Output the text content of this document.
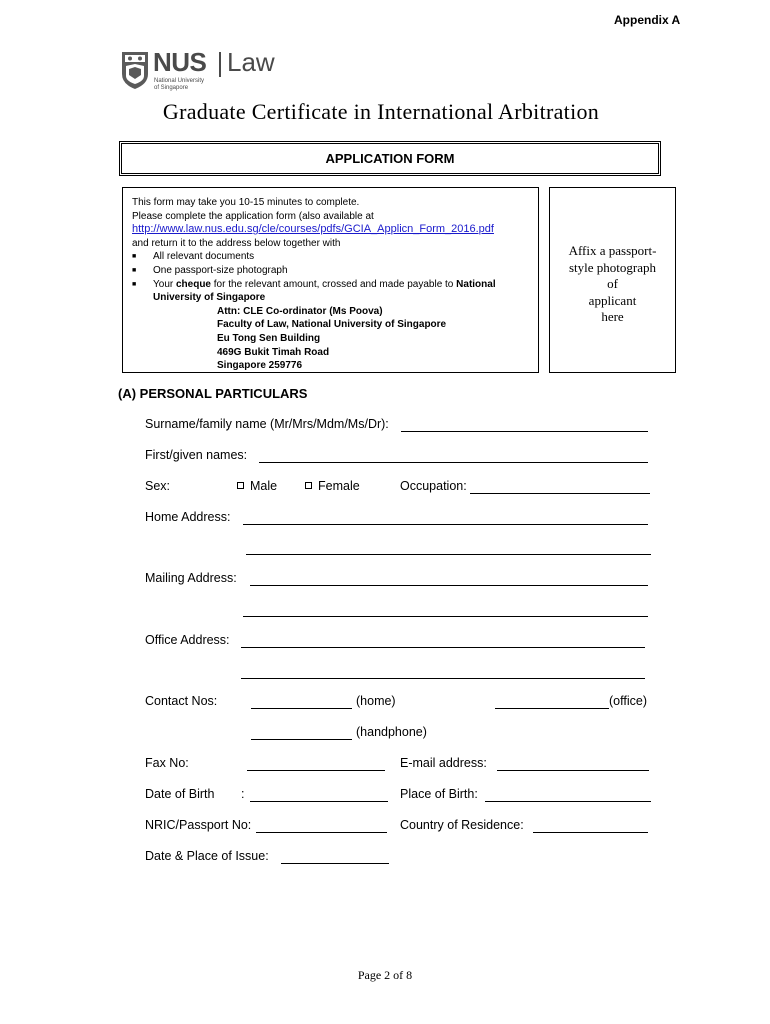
Appendix A
NUS Law
National University
of Singapore
Graduate Certificate in International Arbitration
APPLICATION FORM
This form may take you 10-15 minutes to complete.
Please complete the application form (also available at
http://www.law.nus.edu.sg/cle/courses/pdfs/GCIA_Applicn_Form_2016.pdf
and return it to the address below together with
■	All relevant documents
■	One passport-size photograph
■	Your cheque for the relevant amount, crossed and made payable to National
University of Singapore
Attn: CLE Co-ordinator (Ms Poova)
Faculty of Law, National University of Singapore
Eu Tong Sen Building
469G Bukit Timah Road
Singapore 259776
Affix a passport-
style photograph
of
applicant
here
(A) PERSONAL PARTICULARS
Surname/family name (Mr/Mrs/Mdm/Ms/Dr):
First/given names:
Sex:	Male	Female	Occupation:
Home Address:
Mailing Address:
Office Address:
Contact Nos:	(home)	(office)
(handphone)
Fax No:	E-mail address:
Date of Birth :	Place of Birth:
NRIC/Passport No:	Country of Residence:
Date & Place of Issue:
Page 2 of 8
